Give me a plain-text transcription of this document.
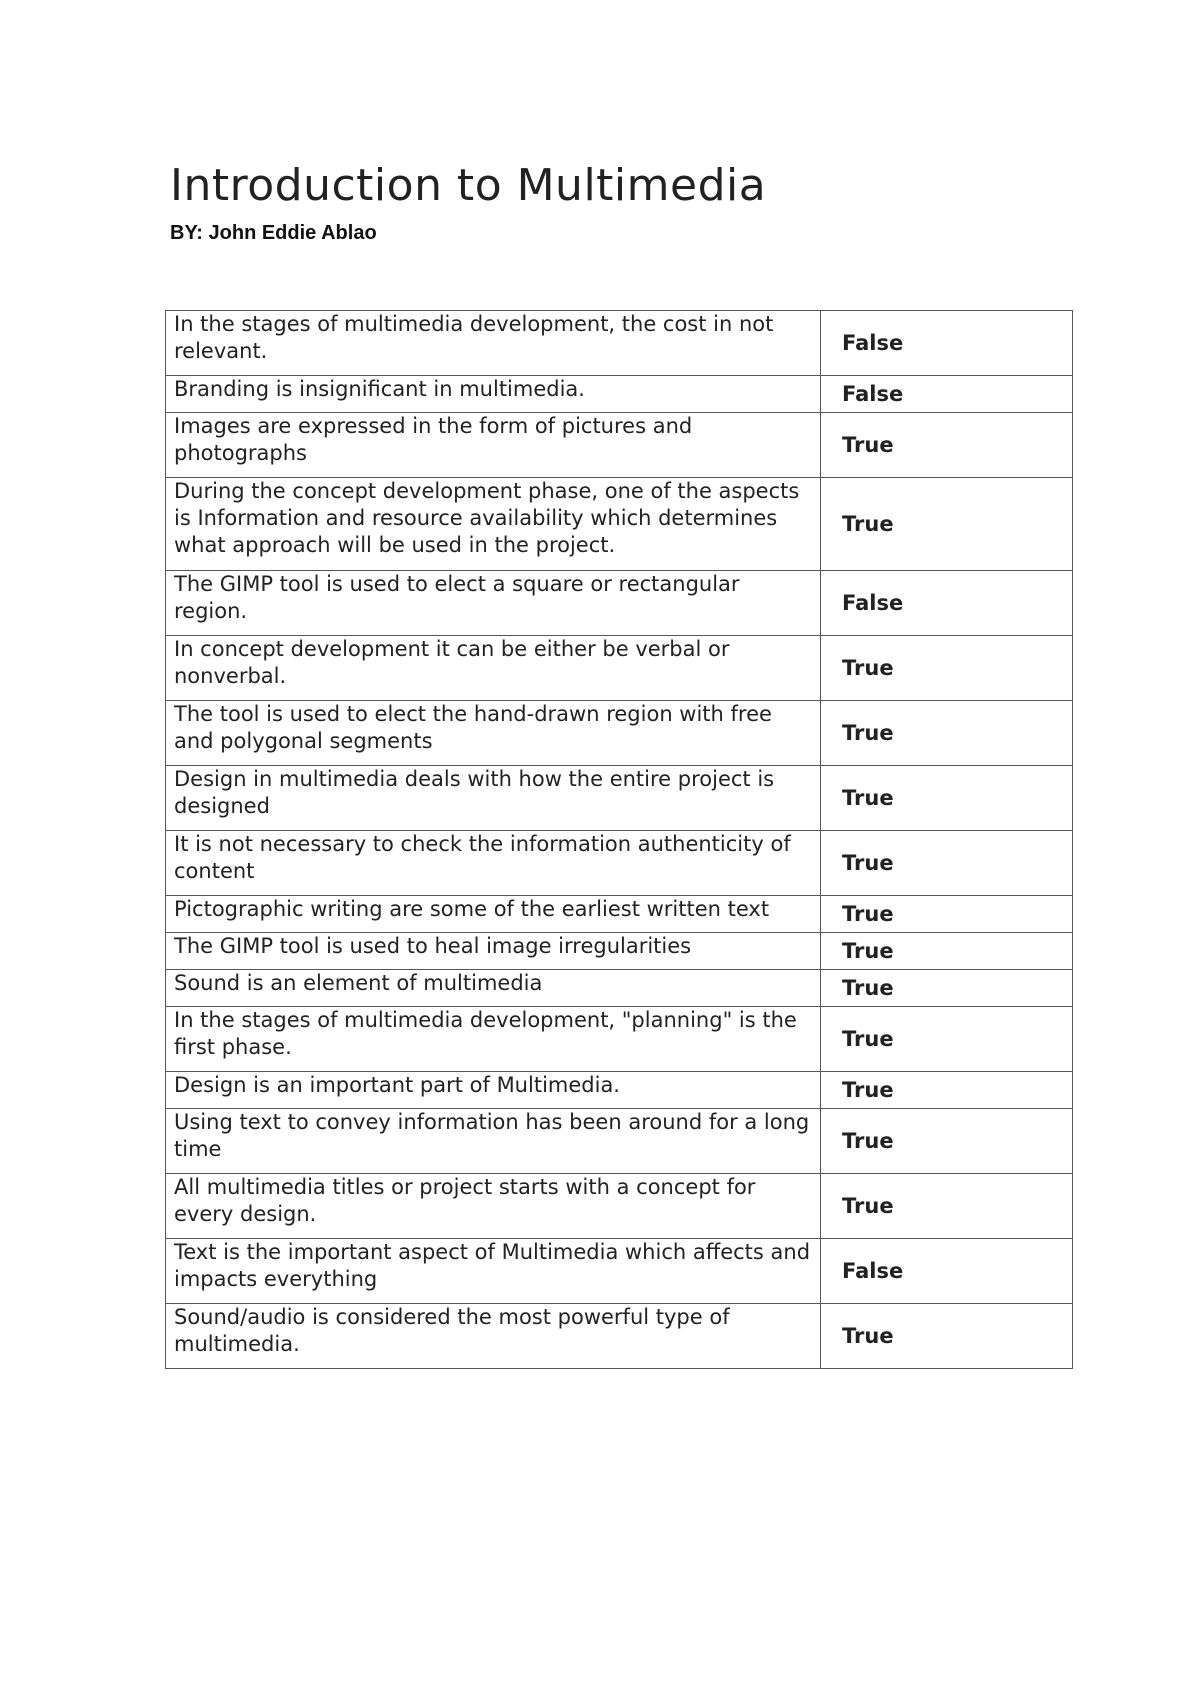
Introduction to Multimedia
BY: John Eddie Ablao
In the stages of multimedia development, the cost in not relevant.	False
Branding is insignificant in multimedia.	False
Images are expressed in the form of pictures and photographs	True
During the concept development phase, one of the aspects is Information and resource availability which determines what approach will be used in the project.	True
The GIMP tool is used to elect a square or rectangular region.	False
In concept development it can be either be verbal or nonverbal.	True
The tool is used to elect the hand-drawn region with free and polygonal segments	True
Design in multimedia deals with how the entire project is designed	True
It is not necessary to check the information authenticity of content	True
Pictographic writing are some of the earliest written text	True
The GIMP tool is used to heal image irregularities	True
Sound is an element of multimedia	True
In the stages of multimedia development, "planning" is the first phase.	True
Design is an important part of Multimedia.	True
Using text to convey information has been around for a long time	True
All multimedia titles or project starts with a concept for every design.	True
Text is the important aspect of Multimedia which affects and impacts everything	False
Sound/audio is considered the most powerful type of multimedia.	True
